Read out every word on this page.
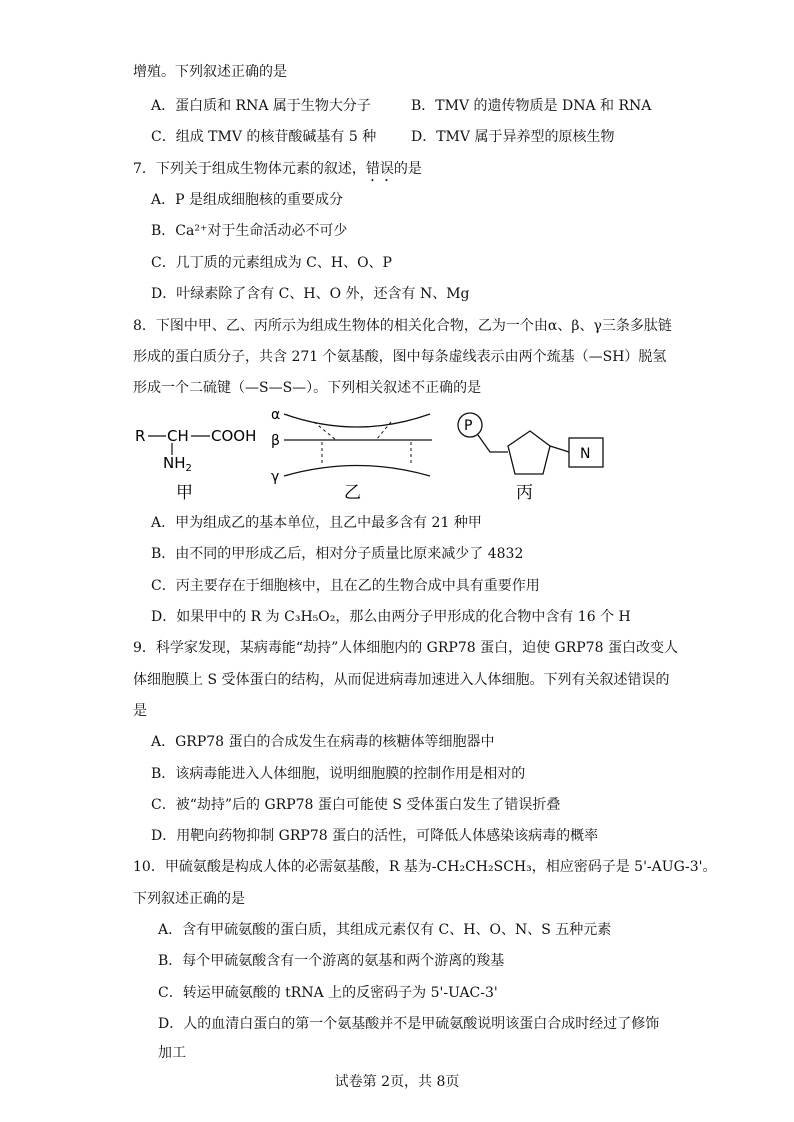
增殖。下列叙述正确的是
A．蛋白质和 RNA 属于生物大分子	B．TMV 的遗传物质是 DNA 和 RNA
C．组成 TMV 的核苷酸碱基有 5 种 D．TMV 属于异养型的原核生物
7．下列关于组成生物体元素的叙述，错误的是
A．P 是组成细胞核的重要成分
B．Ca²⁺对于生命活动必不可少
C．几丁质的元素组成为 C、H、O、P
D．叶绿素除了含有 C、H、O 外，还含有 N、Mg
8．下图中甲、乙、丙所示为组成生物体的相关化合物，乙为一个由α、β、γ三条多肽链
形成的蛋白质分子，共含 271 个氨基酸，图中每条虚线表示由两个巯基（—SH）脱氢
形成一个二硫键（—S—S—）。下列相关叙述不正确的是
R CH COOH
$NH_2$
甲
α
β
γ
乙
P
N
丙
A．甲为组成乙的基本单位，且乙中最多含有 21 种甲
B．由不同的甲形成乙后，相对分子质量比原来减少了 4832
C．丙主要存在于细胞核中，且在乙的生物合成中具有重要作用
D．如果甲中的 R 为 C₃H₅O₂，那么由两分子甲形成的化合物中含有 16 个 H
9．科学家发现，某病毒能“劫持”人体细胞内的 GRP78 蛋白，迫使 GRP78 蛋白改变人
体细胞膜上 S 受体蛋白的结构，从而促进病毒加速进入人体细胞。下列有关叙述错误的
是
A．GRP78 蛋白的合成发生在病毒的核糖体等细胞器中
B．该病毒能进入人体细胞，说明细胞膜的控制作用是相对的
C．被“劫持”后的 GRP78 蛋白可能使 S 受体蛋白发生了错误折叠
D．用靶向药物抑制 GRP78 蛋白的活性，可降低人体感染该病毒的概率
10．甲硫氨酸是构成人体的必需氨基酸，R 基为-CH₂CH₂SCH₃，相应密码子是 5'-AUG-3'。
下列叙述正确的是
A．含有甲硫氨酸的蛋白质，其组成元素仅有 C、H、O、N、S 五种元素
B．每个甲硫氨酸含有一个游离的氨基和两个游离的羧基
C．转运甲硫氨酸的 tRNA 上的反密码子为 5'-UAC-3'
D．人的血清白蛋白的第一个氨基酸并不是甲硫氨酸说明该蛋白合成时经过了修饰
加工
试卷第 2页，共 8页
